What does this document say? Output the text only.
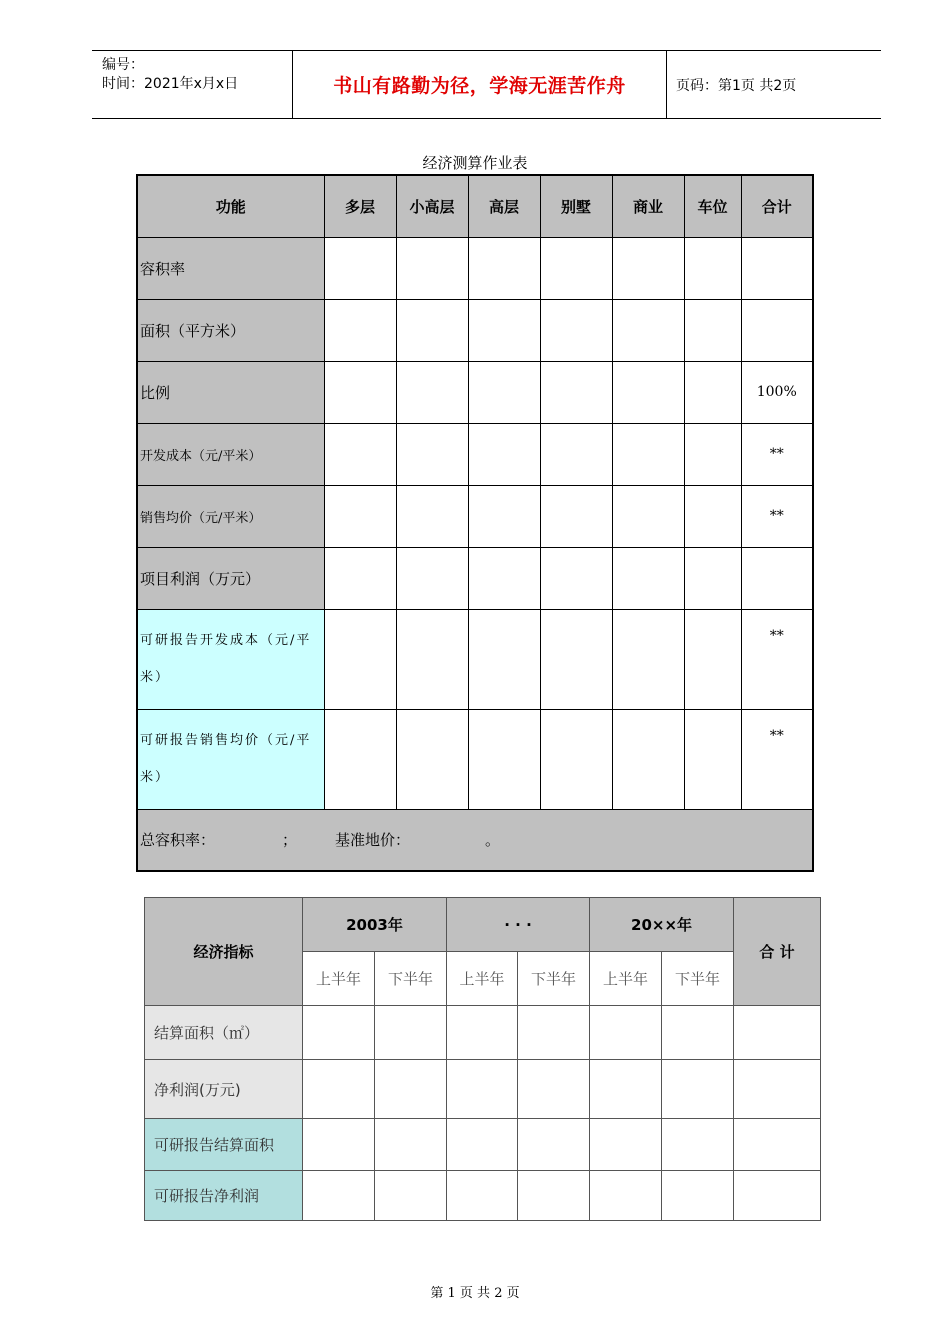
编号：
时间：2021年x月x日	书山有路勤为径，学海无涯苦作舟	页码：第1页 共2页
经济测算作业表
功能	多层	小高层	高层	别墅	商业	车位	合计
容积率							
面积（平方米）							
比例							100%
开发成本（元/平米）							**
销售均价（元/平米）							**
项目利润（万元）							
可研报告开发成本（元/平米）							**
可研报告销售均价（元/平米）							**
总容积率： ； 基准地价： 。							
经济指标	2003年		· · ·		20××年		合 计
	上半年	下半年	上半年	下半年	上半年	下半年	
结算面积（㎡）							
净利润(万元)							
可研报告结算面积							
可研报告净利润							
第 1 页 共 2 页
